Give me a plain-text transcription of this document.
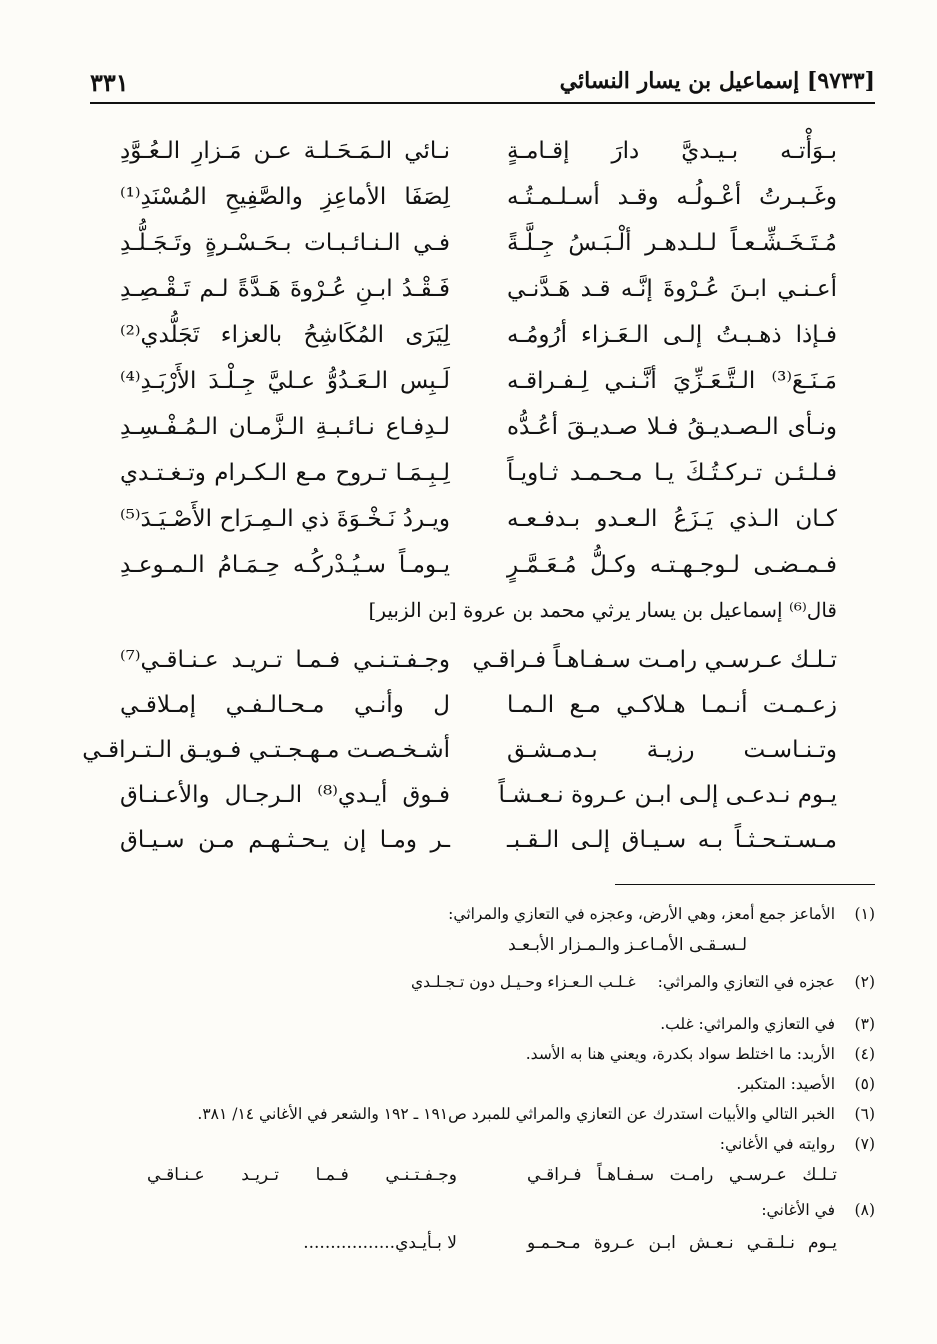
[٩٧٣٣] إسماعيل بن يسار النسائي
٣٣١
بـوَأْتـه بـيـديَّ دارَ إقـامـةٍ
نـائي الـمَـحَـلـة عـن مَـزارِ الـعُـوَّدِ
وغَـبـرتُ أعْـولُـه وقـد أسـلـمـتُـه
لِصَفَا الأماعِزِ والصَّفِيحِ المُسْنَدِ⁽¹⁾
مُـتَـخَـشِّـعـاً لـلـدهـر ألْـبَـسُ جِـلَّـةً
فـي الـنـائـبـات بـحَـسْـرةٍ وتَـجَـلُّـدِ
أعـنـي ابـنَ عُـرْوةَ إنَّـه قـد هَـدَّنـي
فَـقْـدُ ابـنِ عُـرْوةَ هَـدَّةً لـم تَـقْـصِـدِ
فـإذا ذهـبـتُ إلـى الـعَـزاء أرُومُـه
لِيَرَى المُكَاشِحُ بالعزاء تَجَلُّدي⁽²⁾
مَـنَـعَ⁽³⁾ الـتَّـعَـزِّيَ أنَّـنـي لِـفـراقـه
لَـبِس الـعَـدُوُّ عـليَّ جِـلْـدَ الأَرْبَـدِ⁽⁴⁾
ونـأى الـصـديـقُ فـلا صـديـقَ أعُـدُّه
لـدِفـاع نـائـبـةِ الـزَّمـان الـمُـفْـسِـدِ
فـلـئـن تـركـتُـكَ يـا مـحـمـد ثـاويـاً
لِـبِـمَـا تـروح مـع الـكـرام وتـغـتـدي
كـان الـذي يَـزَعُ الـعـدو بـدفـعـه
ويـردُ نَـخْـوَةَ ذي الـمِـرَاح الأَصْـيَـدَ⁽⁵⁾
فـمـضـى لـوجـهـتـه وكـلُّ مُـعَـمَّـرٍ
يـومـاً سـيُـدْركُـه حِـمَـامُ الـمـوعـدِ
قال⁽⁶⁾ إسماعيل بن يسار يرثي محمد بن عروة [بن الزبير]
تـلـك عـرسـي رامـت سـفـاهـاً فـراقـي
وجـفـتـنـي فـمـا تـريـد عـنـاقـي⁽⁷⁾
زعـمـت أنـمـا هـلاكـي مـع الـمـا
ل وأنـي مـحـالـفـي إمـلاقـي
وتـنـاسـت رزيـة بـدمـشـق
أشـخـصـت مـهـجـتـي فـويـق الـتـراقـي
يـوم نـدعـى إلـى ابـن عـروة نـعـشـاً
فـوق أيـدي⁽⁸⁾ الـرجـال والأعـنـاق
مـسـتـحـثـاً بـه سـيـاق إلـى الـقـبـ
ـر ومـا إن يـحـثـهـم مـن سـيـاق
(١)الأماعز جمع أمعز، وهي الأرض، وعجزه في التعازي والمراثي:
لـسـقـى الأمـاعـز والـمـزار الأبـعـد
(٢)عجزه في التعازي والمراثي:غـلـب الـعـزاء وحـيـل دون تـجـلـدي
(٣)في التعازي والمراثي: غلب.
(٤)الأربد: ما اختلط سواد بكدرة، ويعني هنا به الأسد.
(٥)الأصيد: المتكبر.
(٦)الخبر التالي والأبيات استدرك عن التعازي والمراثي للمبرد ص١٩١ ـ ١٩٢ والشعر في الأغاني ١٤/ ٣٨١.
(٧)روايته في الأغاني:
تـلـك عـرسـي رامـت سـفـاهـاً فـراقـي
وجـفـتـنـي فـمـا تـريـد عـنـاقـي
(٨)في الأغاني:
يـوم نـلـقـي نـعـش ابـن عـروة مـحـمـو
لا بـأيـدي.................
